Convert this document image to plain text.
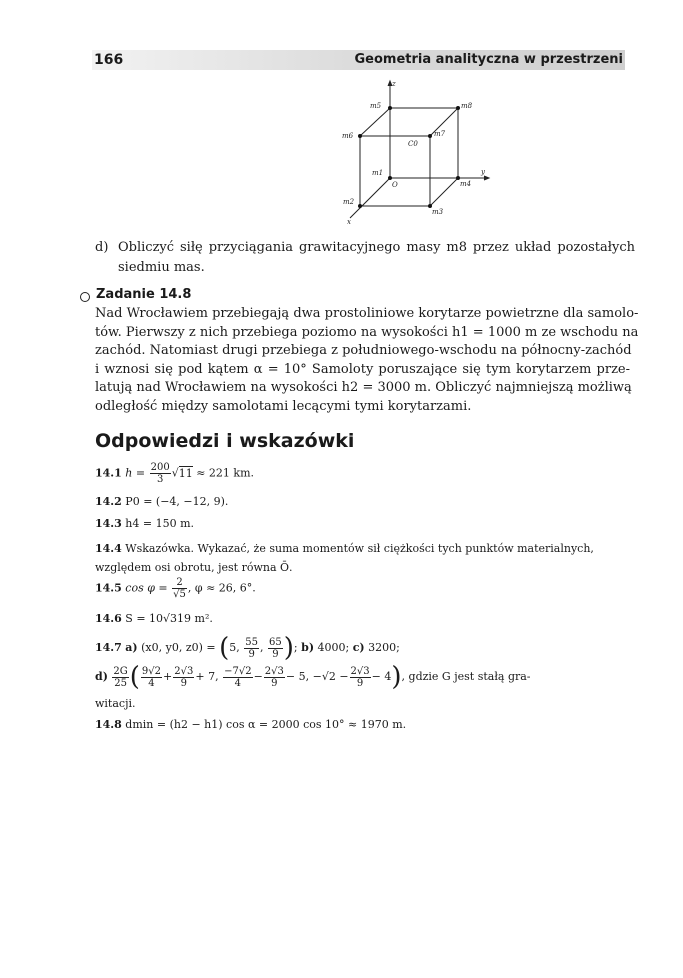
166	Geometria analityczna w przestrzeni
z
x
y
m1
m2
m3
m4
m5
m6	m7
m8
O
C0
d) Obliczyć siłę przyciągania grawitacyjnego masy m8 przez układ pozostałych siedmiu mas.
Zadanie 14.8
Nad Wrocławiem przebiegają dwa prostoliniowe korytarze powietrzne dla samolo-
tów. Pierwszy z nich przebiega poziomo na wysokości h1 = 1000 m ze wschodu na
zachód. Natomiast drugi przebiega z południowego-wschodu na północny-zachód
i wznosi się pod kątem α = 10° Samoloty poruszające się tym korytarzem prze-
latują nad Wrocławiem na wysokości h2 = 3000 m. Obliczyć najmniejszą możliwą
odległość między samolotami lecącymi tymi korytarzami.
Odpowiedzi i wskazówki
14.1 $h = \frac{200}{3} √11 \approx 221$ km.
14.2 P0 = (−4, −12, 9).
14.3 h4 = 150 m.
14.4 Wskazówka. Wykazać, że suma momentów sił ciężkości tych punktów materialnych,
względem osi obrotu, jest równa Ō.
14.5 $\cos \varphi = \frac{2}{√5}$ , φ ≈ 26, 6°.
14.6 S = 10√319 m².
14.7 a) (x0, y0, z0) = (5, $\frac{55}{9}$ , $\frac{65}{9}$ ); b) 4000; c) 3200;
$d) \frac{2G}{25}$ ( $\frac{9√2}{4} + \frac{2√3}{9} + 7$, $\frac{-7√2}{4} - \frac{2√3}{9} - 5$, $-√2 - \frac{2√3}{9} - 4$), gdzie G jest stałą gra-
witacji.
14.8 dmin = (h2 − h1) cos α = 2000 cos 10° ≈ 1970 m.
